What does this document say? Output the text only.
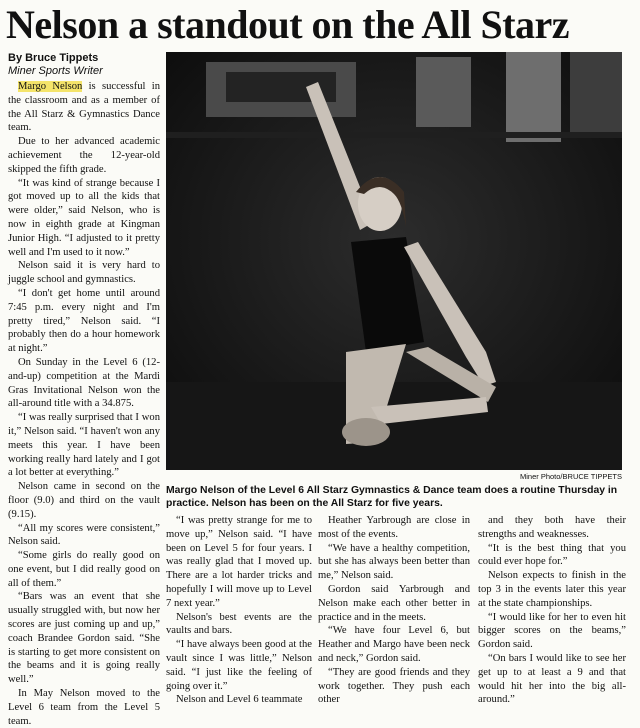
Nelson a standout on the All Starz
By Bruce Tippets
Miner Sports Writer

Margo Nelson is successful in the classroom and as a member of the All Starz & Gymnastics Dance team.

Due to her advanced academic achievement the 12-year-old skipped the fifth grade.

“It was kind of strange because I got moved up to all the kids that were older,” said Nelson, who is now in eighth grade at Kingman Junior High. “I adjusted to it pretty well and I'm used to it now.”

Nelson said it is very hard to juggle school and gymnastics.

“I don't get home until around 7:45 p.m. every night and I'm pretty tired,” Nelson said. “I probably then do a hour homework at night.”

On Sunday in the Level 6 (12-and-up) competition at the Mardi Gras Invitational Nelson won the all-around title with a 34.875.

“I was really surprised that I won it,” Nelson said. “I haven't won any meets this year. I have been working really hard lately and I got a lot better at everything.”

Nelson came in second on the floor (9.0) and third on the vault (9.15).

“All my scores were consistent,” Nelson said.

“Some girls do really good on one event, but I did really good on all of them.”

“Bars was an event that she usually struggled with, but now her scores are just coming up and up,” coach Brandee Gordon said. “She is starting to get more consistent on the beams and it is going really well.”

In May Nelson moved to the Level 6 team from the Level 5 team.

Miner Photo/BRUCE TIPPETS
Margo Nelson of the Level 6 All Starz Gymnastics & Dance team does a routine Thursday in practice. Nelson has been on the All Starz for five years.

“I was pretty strange for me to move up,” Nelson said. “I have been on Level 5 for four years. I was really glad that I moved up. There are a lot harder tricks and hopefully I will move up to Level 7 next year.”

Nelson's best events are the vaults and bars.

“I have always been good at the vault since I was little,” Nelson said. “I just like the feeling of going over it.”

Nelson and Level 6 teammate

Heather Yarbrough are close in most of the events.

“We have a healthy competition, but she has always been better than me,” Nelson said.

Gordon said Yarbrough and Nelson make each other better in practice and in the meets.

“We have four Level 6, but Heather and Margo have been neck and neck,” Gordon said.

“They are good friends and they work together. They push each other

and they both have their strengths and weaknesses.

“It is the best thing that you could ever hope for.”

Nelson expects to finish in the top 3 in the events later this year at the state championships.

“I would like for her to even hit bigger scores on the beams,” Gordon said.

“On bars I would like to see her get up to at least a 9 and that would hit her into the big all-around.”
